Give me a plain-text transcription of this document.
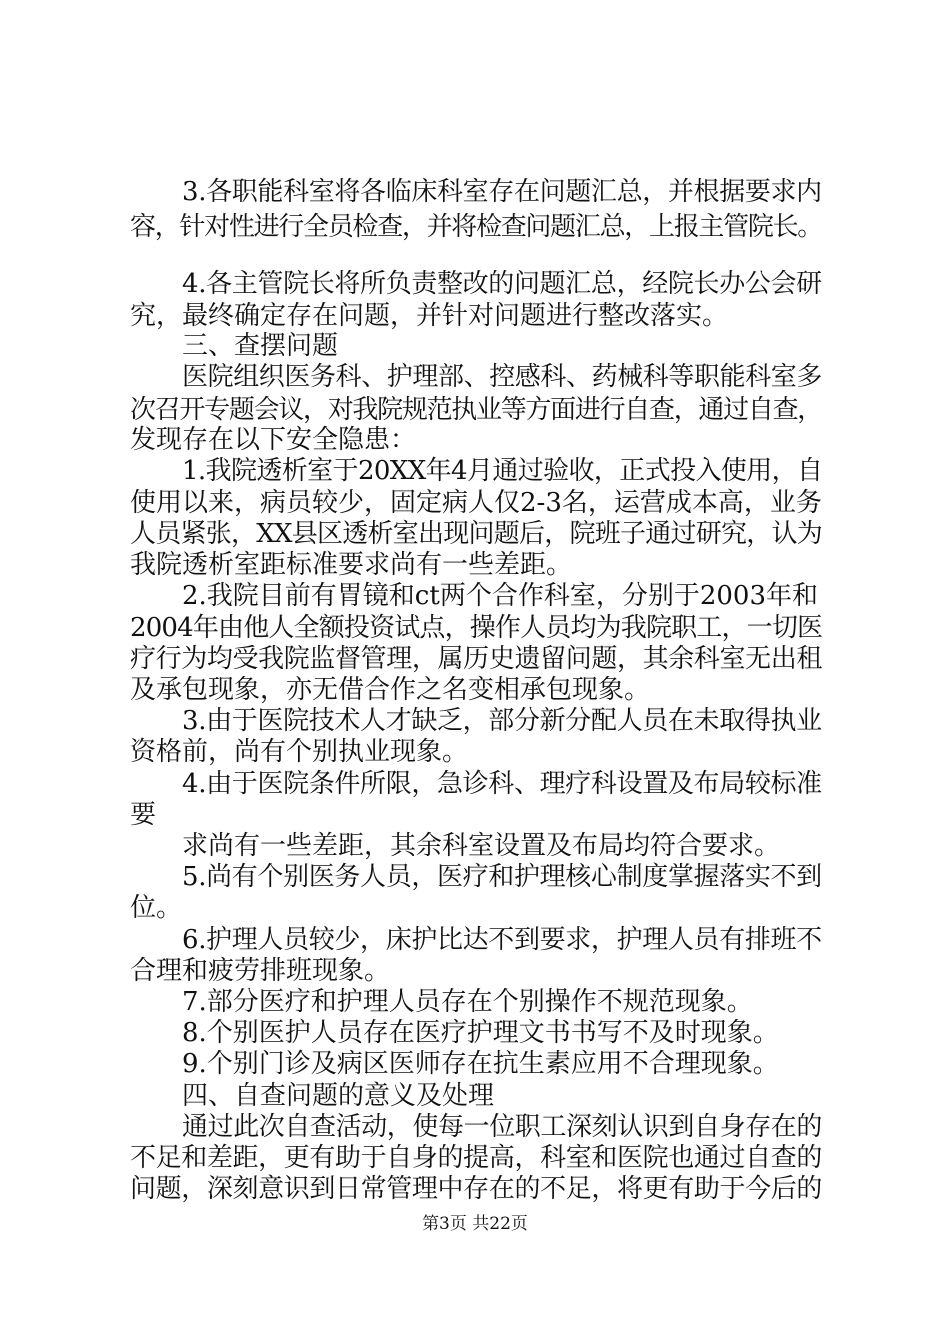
3.各职能科室将各临床科室存在问题汇总，并根据要求内

容，针对性进行全员检查，并将检查问题汇总，上报主管院长。

4.各主管院长将所负责整改的问题汇总，经院长办公会研

究，最终确定存在问题，并针对问题进行整改落实。

三、查摆问题

医院组织医务科、护理部、控感科、药械科等职能科室多

次召开专题会议，对我院规范执业等方面进行自查，通过自查，

发现存在以下安全隐患：

1.我院透析室于20XX年4月通过验收，正式投入使用，自

使用以来，病员较少，固定病人仅2-3名，运营成本高，业务

人员紧张，XX县区透析室出现问题后，院班子通过研究，认为

我院透析室距标准要求尚有一些差距。

2.我院目前有胃镜和ct两个合作科室，分别于2003年和

2004年由他人全额投资试点，操作人员均为我院职工，一切医

疗行为均受我院监督管理，属历史遗留问题，其余科室无出租

及承包现象，亦无借合作之名变相承包现象。

3.由于医院技术人才缺乏，部分新分配人员在未取得执业

资格前，尚有个别执业现象。

4.由于医院条件所限，急诊科、理疗科设置及布局较标准

要

求尚有一些差距，其余科室设置及布局均符合要求。

5.尚有个别医务人员，医疗和护理核心制度掌握落实不到

位。

6.护理人员较少，床护比达不到要求，护理人员有排班不

合理和疲劳排班现象。

7.部分医疗和护理人员存在个别操作不规范现象。

8.个别医护人员存在医疗护理文书书写不及时现象。

9.个别门诊及病区医师存在抗生素应用不合理现象。

四、自查问题的意义及处理

通过此次自查活动，使每一位职工深刻认识到自身存在的

不足和差距，更有助于自身的提高，科室和医院也通过自查的

问题，深刻意识到日常管理中存在的不足，将更有助于今后的

第3页 共22页
